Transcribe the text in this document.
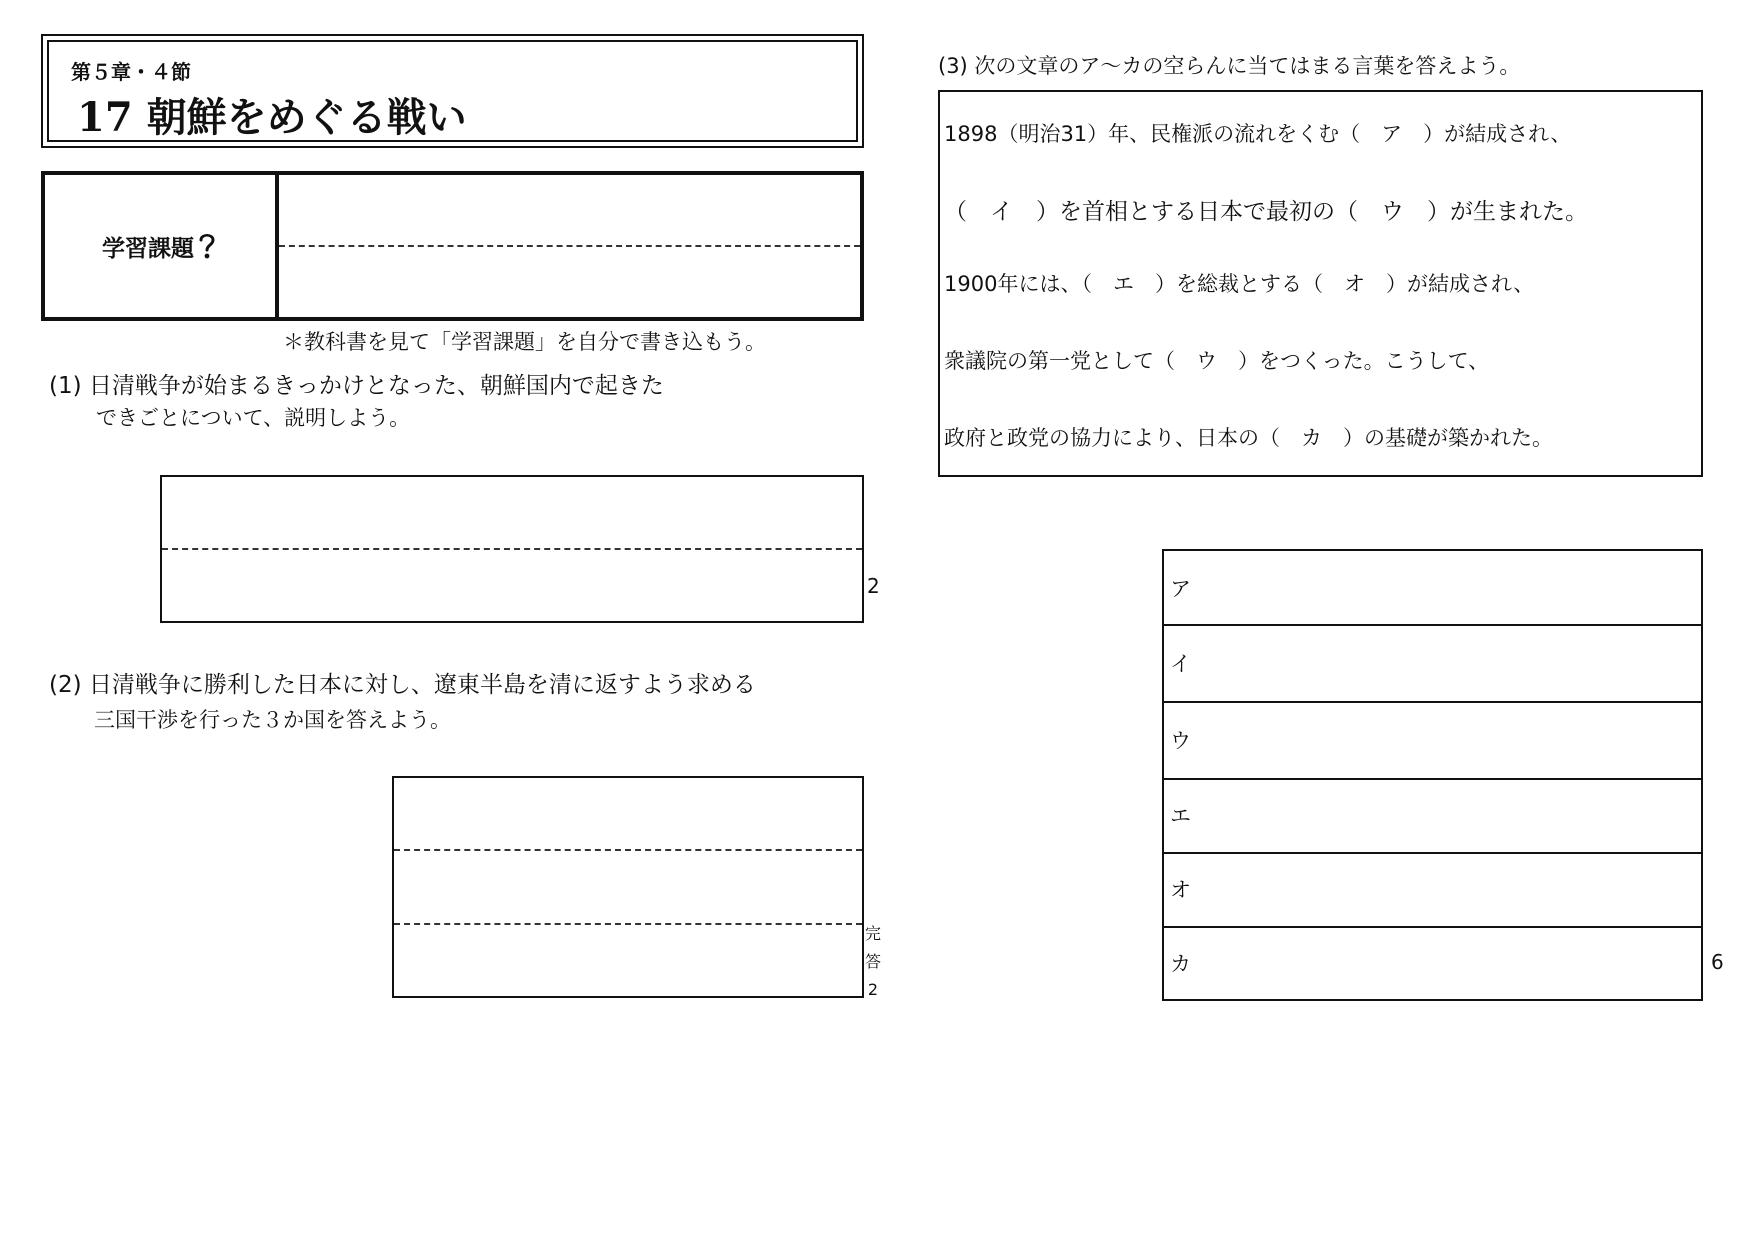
第５章・４節
17 朝鮮をめぐる戦い
学習課題
＊教科書を見て「学習課題」を自分で書き込もう。
(1) 日清戦争が始まるきっかけとなった、朝鮮国内で起きた
できごとについて、説明しよう。
2
(2) 日清戦争に勝利した日本に対し、遼東半島を清に返すよう求める
三国干渉を行った３か国を答えよう。
完
答
2
(3) 次の文章のア～カの空らんに当てはまる言葉を答えよう。
1898（明治31）年、民権派の流れをくむ（　ア　）が結成され、
（　イ　）を首相とする日本で最初の（　ウ　）が生まれた。
1900年には、（　エ　）を総裁とする（　オ　）が結成され、
衆議院の第一党として（　ウ　）をつくった。こうして、
政府と政党の協力により、日本の（　カ　）の基礎が築かれた。
ア
イ
ウ
エ
オ
カ	6
